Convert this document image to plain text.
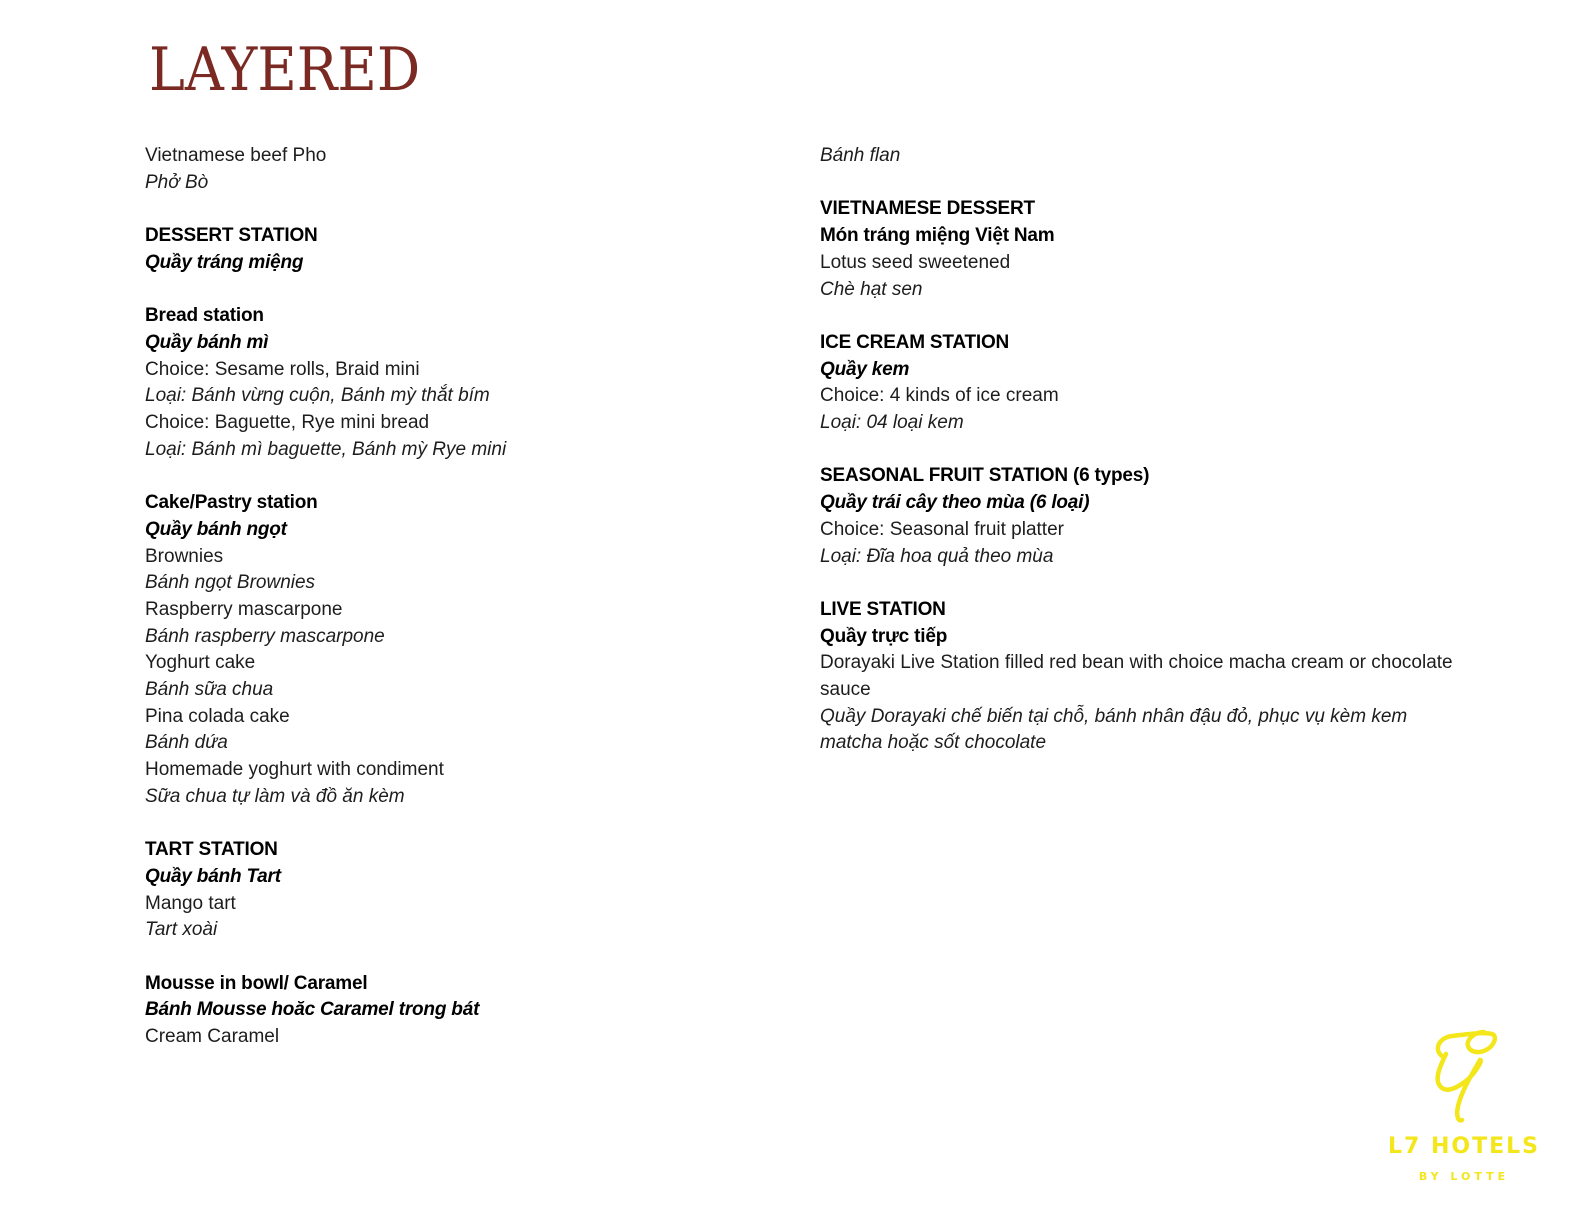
LAYERED
Vietnamese beef Pho
Phở Bò
DESSERT STATION
Quầy tráng miệng
Bread station
Quầy bánh mì
Choice: Sesame rolls, Braid mini
Loại: Bánh vừng cuộn, Bánh mỳ thắt bím
Choice: Baguette, Rye mini bread
Loại: Bánh mì baguette, Bánh mỳ Rye mini
Cake/Pastry station
Quầy bánh ngọt
Brownies
Bánh ngọt Brownies
Raspberry mascarpone
Bánh raspberry mascarpone
Yoghurt cake
Bánh sữa chua
Pina colada cake
Bánh dứa
Homemade yoghurt with condiment
Sữa chua tự làm và đồ ăn kèm
TART STATION
Quầy bánh Tart
Mango tart
Tart xoài
Mousse in bowl/ Caramel
Bánh Mousse hoăc Caramel trong bát
Cream Caramel
Bánh flan
VIETNAMESE DESSERT
Món tráng miệng Việt Nam
Lotus seed sweetened
Chè hạt sen
ICE CREAM STATION
Quầy kem
Choice: 4 kinds of ice cream
Loại: 04 loại kem
SEASONAL FRUIT STATION (6 types)
Quầy trái cây theo mùa (6 loại)
Choice: Seasonal fruit platter
Loại: Đĩa hoa quả theo mùa
LIVE STATION
Quầy trực tiếp
Dorayaki Live Station filled red bean with choice macha cream or chocolate sauce
Quầy Dorayaki chế biến tại chỗ, bánh nhân đậu đỏ, phục vụ kèm kem matcha hoặc sốt chocolate
L7 HOTELS
BY LOTTE
